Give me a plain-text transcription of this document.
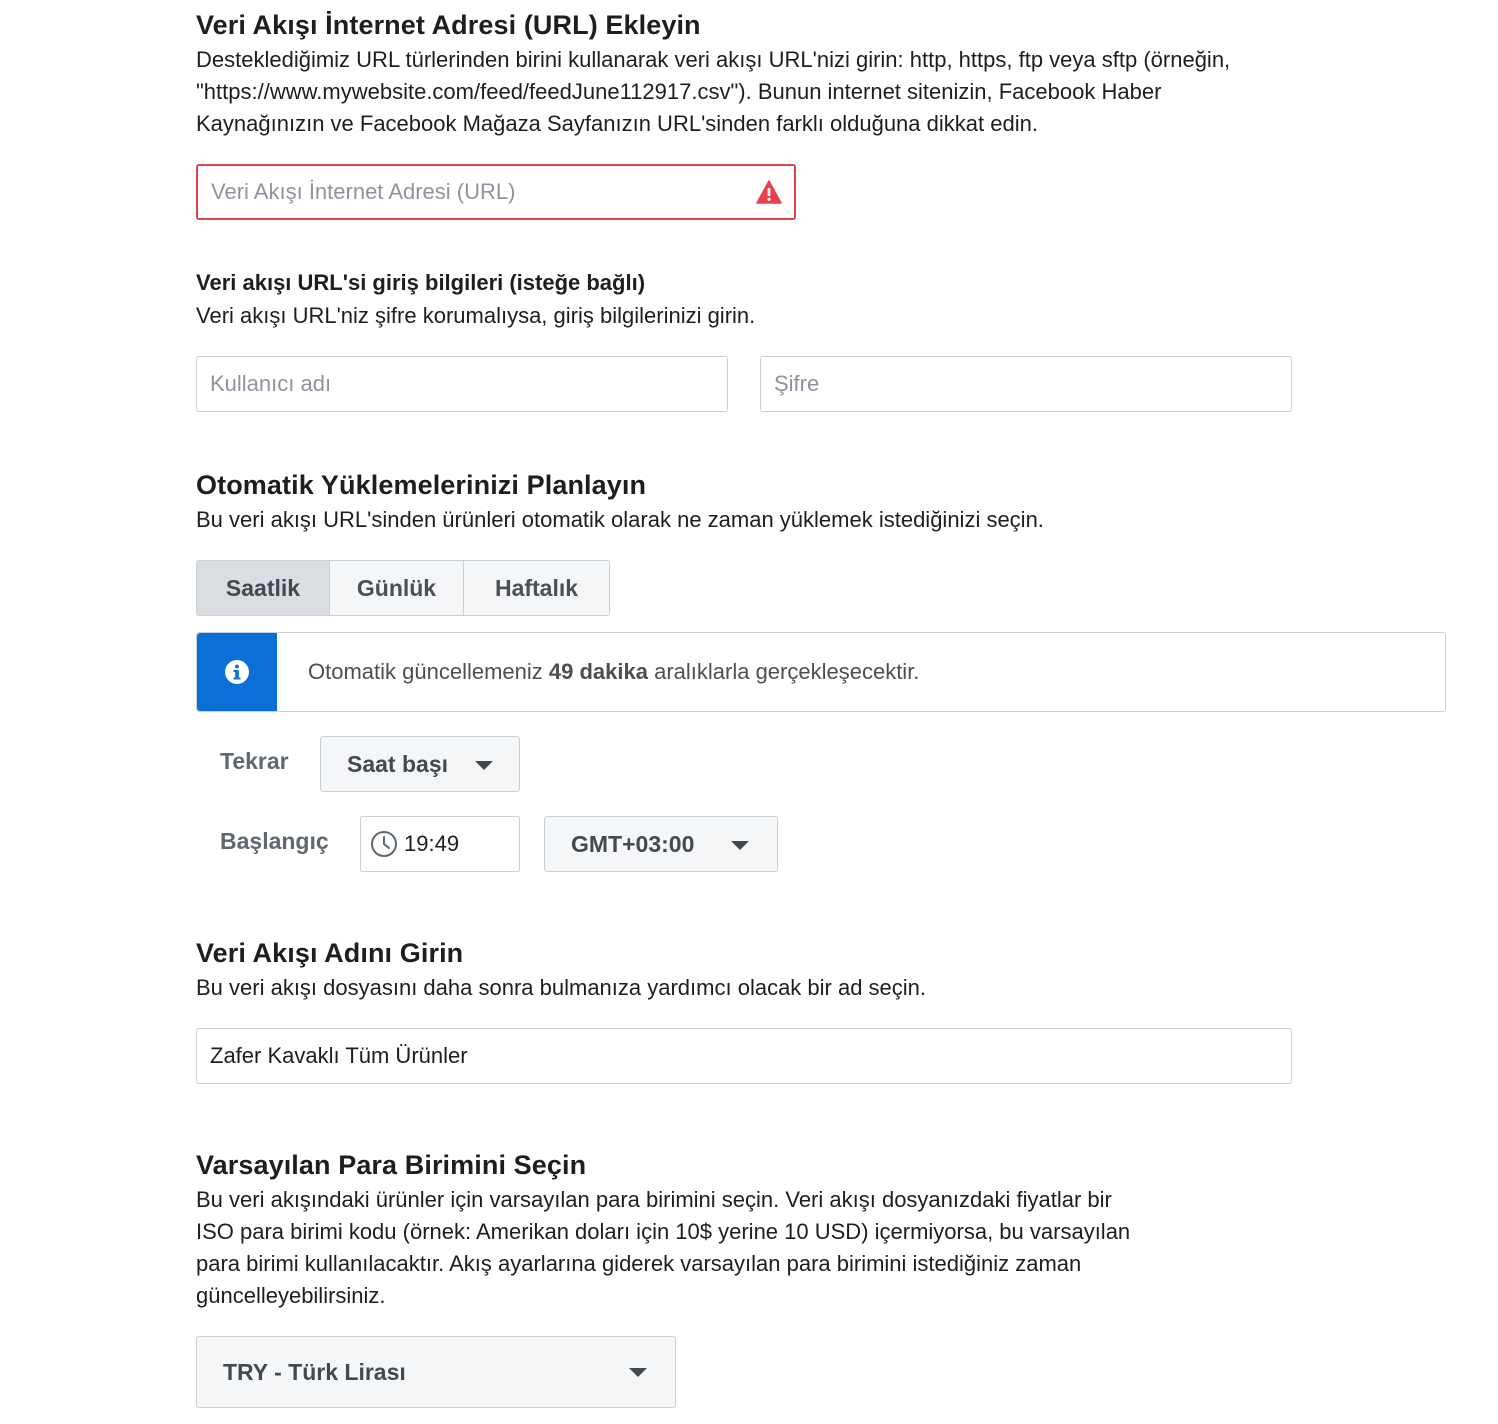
Veri Akışı İnternet Adresi (URL) Ekleyin
Desteklediğimiz URL türlerinden birini kullanarak veri akışı URL'nizi girin: http, https, ftp veya sftp (örneğin,
"https://www.mywebsite.com/feed/feedJune112917.csv"). Bunun internet sitenizin, Facebook Haber
Kaynağınızın ve Facebook Mağaza Sayfanızın URL'sinden farklı olduğuna dikkat edin.
Veri Akışı İnternet Adresi (URL)
Veri akışı URL'si giriş bilgileri (isteğe bağlı)
Veri akışı URL'niz şifre korumalıysa, giriş bilgilerinizi girin.
Kullanıcı adı	Şifre
Otomatik Yüklemelerinizi Planlayın
Bu veri akışı URL'sinden ürünleri otomatik olarak ne zaman yüklemek istediğinizi seçin.
Saatlik	Günlük	Haftalık
Otomatik güncellemeniz 49 dakika aralıklarla gerçekleşecektir.
Tekrar	Saat başı
Başlangıç	19:49	GMT+03:00
Veri Akışı Adını Girin
Bu veri akışı dosyasını daha sonra bulmanıza yardımcı olacak bir ad seçin.
Zafer Kavaklı Tüm Ürünler
Varsayılan Para Birimini Seçin
Bu veri akışındaki ürünler için varsayılan para birimini seçin. Veri akışı dosyanızdaki fiyatlar bir
ISO para birimi kodu (örnek: Amerikan doları için 10$ yerine 10 USD) içermiyorsa, bu varsayılan
para birimi kullanılacaktır. Akış ayarlarına giderek varsayılan para birimini istediğiniz zaman
güncelleyebilirsiniz.
TRY - Türk Lirası
